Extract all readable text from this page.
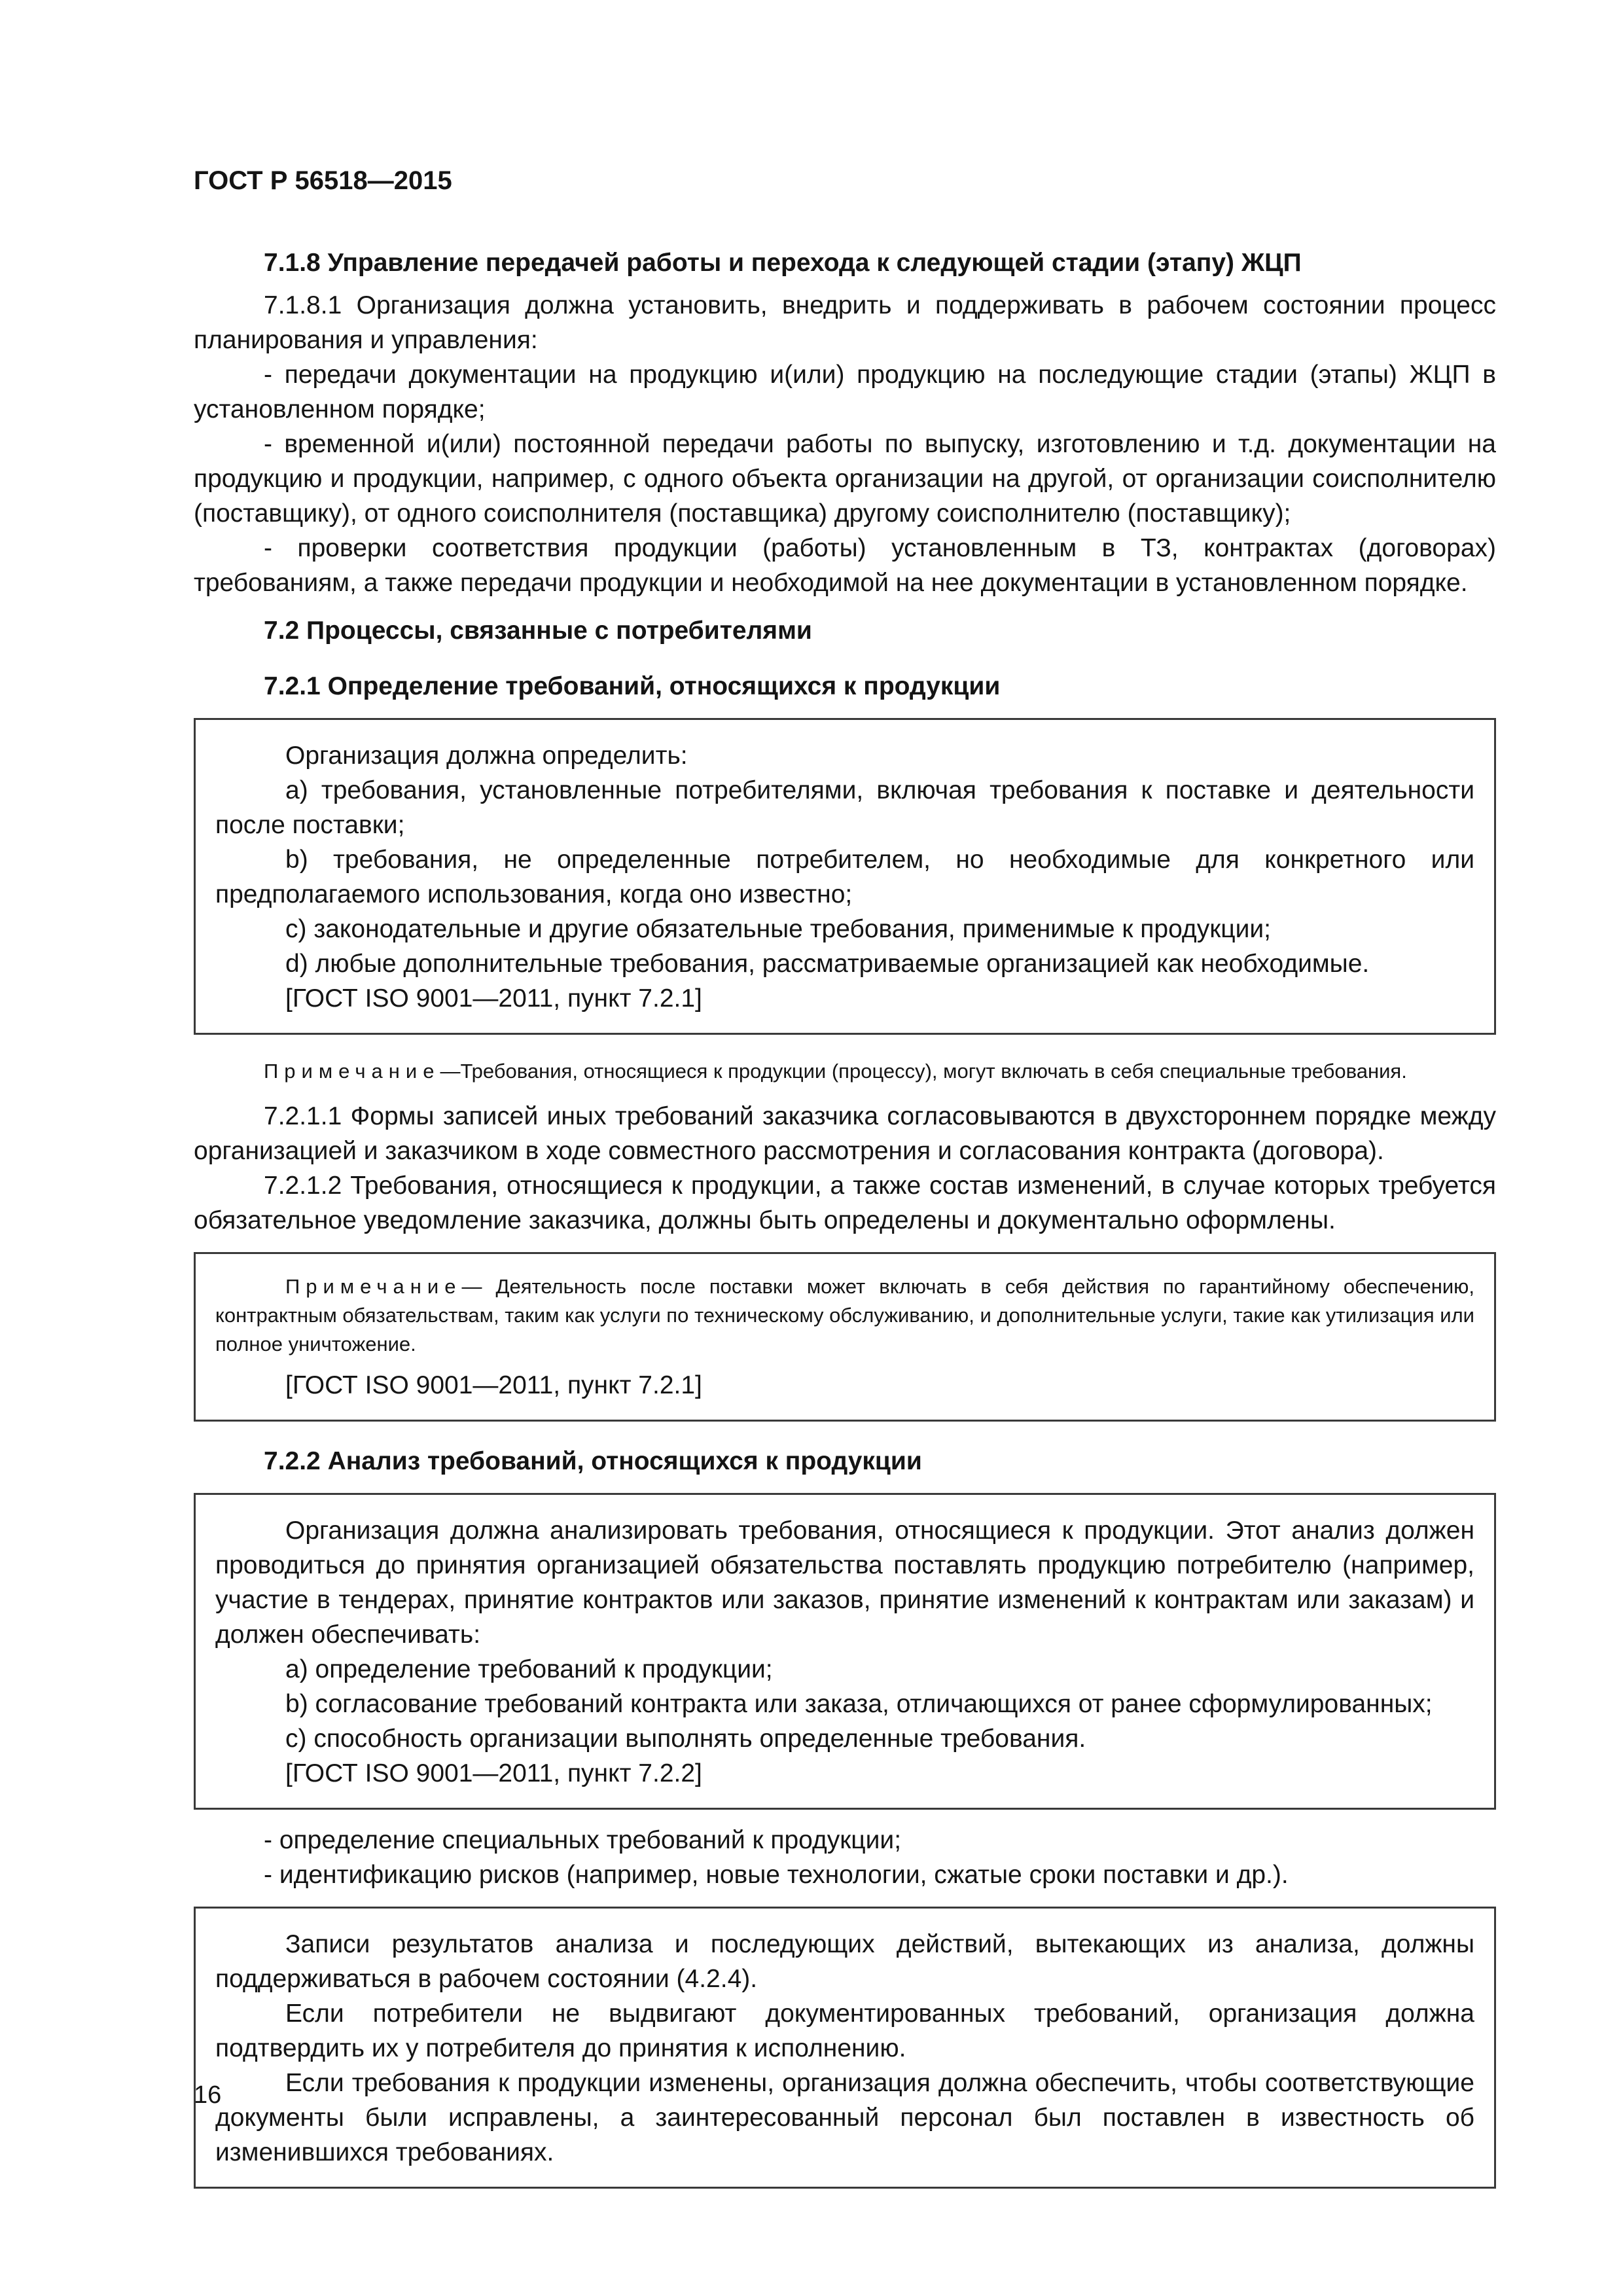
ГОСТ Р 56518—2015
7.1.8 Управление передачей работы и перехода к следующей стадии (этапу) ЖЦП
7.1.8.1 Организация должна установить, внедрить и поддерживать в рабочем состоянии процесс планирования и управления:
- передачи документации на продукцию и(или) продукцию на последующие стадии (этапы) ЖЦП в установленном порядке;
- временной и(или) постоянной передачи работы по выпуску, изготовлению и т.д. документации на продукцию и продукции, например, с одного объекта организации на другой, от организации соисполнителю (поставщику), от одного соисполнителя (поставщика) другому соисполнителю (поставщику);
- проверки соответствия продукции (работы) установленным в ТЗ, контрактах (договорах) требованиям, а также передачи продукции и необходимой на нее документации в установленном порядке.
7.2 Процессы, связанные с потребителями
7.2.1 Определение требований, относящихся к продукции
Организация должна определить:
a) требования, установленные потребителями, включая требования к поставке и деятельности после поставки;
b) требования, не определенные потребителем, но необходимые для конкретного или предполагаемого использования, когда оно известно;
c) законодательные и другие обязательные требования, применимые к продукции;
d) любые дополнительные требования, рассматриваемые организацией как необходимые.
[ГОСТ ISO 9001—2011, пункт 7.2.1]
Примечание—Требования, относящиеся к продукции (процессу), могут включать в себя специальные требования.
7.2.1.1 Формы записей иных требований заказчика согласовываются в двухстороннем порядке между организацией и заказчиком в ходе совместного рассмотрения и согласования контракта (договора).
7.2.1.2 Требования, относящиеся к продукции, а также состав изменений, в случае которых требуется обязательное уведомление заказчика, должны быть определены и документально оформлены.
Примечание— Деятельность после поставки может включать в себя действия по гарантийному обеспечению, контрактным обязательствам, таким как услуги по техническому обслуживанию, и дополнительные услуги, такие как утилизация или полное уничтожение.
[ГОСТ ISO 9001—2011, пункт 7.2.1]
7.2.2 Анализ требований, относящихся к продукции
Организация должна анализировать требования, относящиеся к продукции. Этот анализ должен проводиться до принятия организацией обязательства поставлять продукцию потребителю (например, участие в тендерах, принятие контрактов или заказов, принятие изменений к контрактам или заказам) и должен обеспечивать:
a) определение требований к продукции;
b) согласование требований контракта или заказа, отличающихся от ранее сформулированных;
c) способность организации выполнять определенные требования.
[ГОСТ ISO 9001—2011, пункт 7.2.2]
- определение специальных требований к продукции;
- идентификацию рисков (например, новые технологии, сжатые сроки поставки и др.).
Записи результатов анализа и последующих действий, вытекающих из анализа, должны поддерживаться в рабочем состоянии (4.2.4).
Если потребители не выдвигают документированных требований, организация должна подтвердить их у потребителя до принятия к исполнению.
Если требования к продукции изменены, организация должна обеспечить, чтобы соответствующие документы были исправлены, а заинтересованный персонал был поставлен в известность об изменившихся требованиях.
16
